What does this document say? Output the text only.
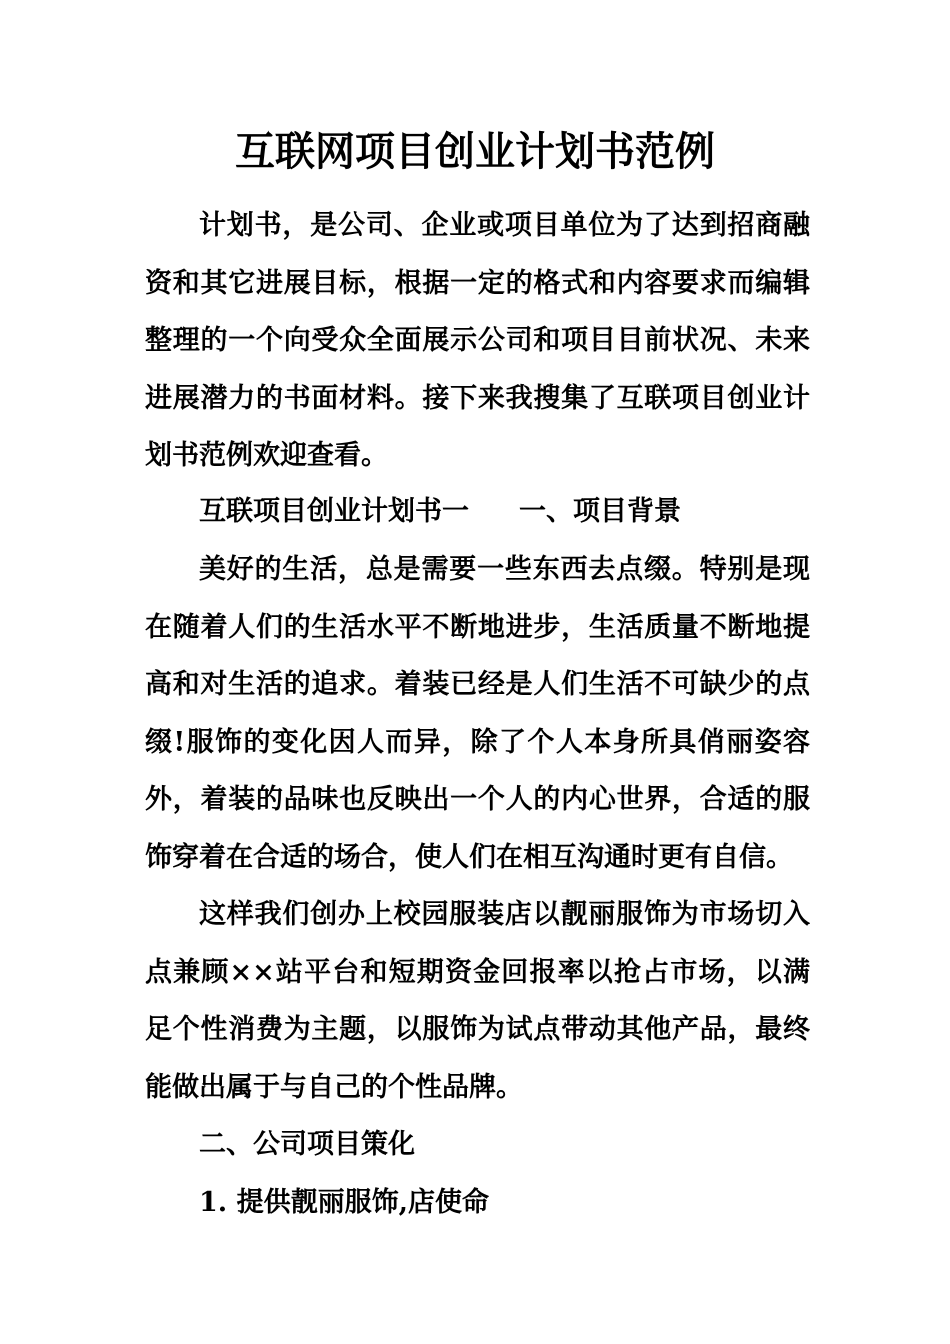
互联网项目创业计划书范例

计划书，是公司、企业或项目单位为了达到招商融资和其它进展目标，根据一定的格式和内容要求而编辑整理的一个向受众全面展示公司和项目目前状况、未来进展潜力的书面材料。接下来我搜集了互联项目创业计划书范例欢迎查看。

互联项目创业计划书一 一、项目背景

美好的生活，总是需要一些东西去点缀。特别是现在随着人们的生活水平不断地进步，生活质量不断地提高和对生活的追求。着装已经是人们生活不可缺少的点缀!服饰的变化因人而异，除了个人本身所具俏丽姿容外，着装的品味也反映出一个人的内心世界，合适的服饰穿着在合适的场合，使人们在相互沟通时更有自信。

这样我们创办上校园服装店以靓丽服饰为市场切入点兼顾××站平台和短期资金回报率以抢占市场，以满足个性消费为主题，以服饰为试点带动其他产品，最终能做出属于与自己的个性品牌。

二、公司项目策化
1. 提供靓丽服饰,店使命
